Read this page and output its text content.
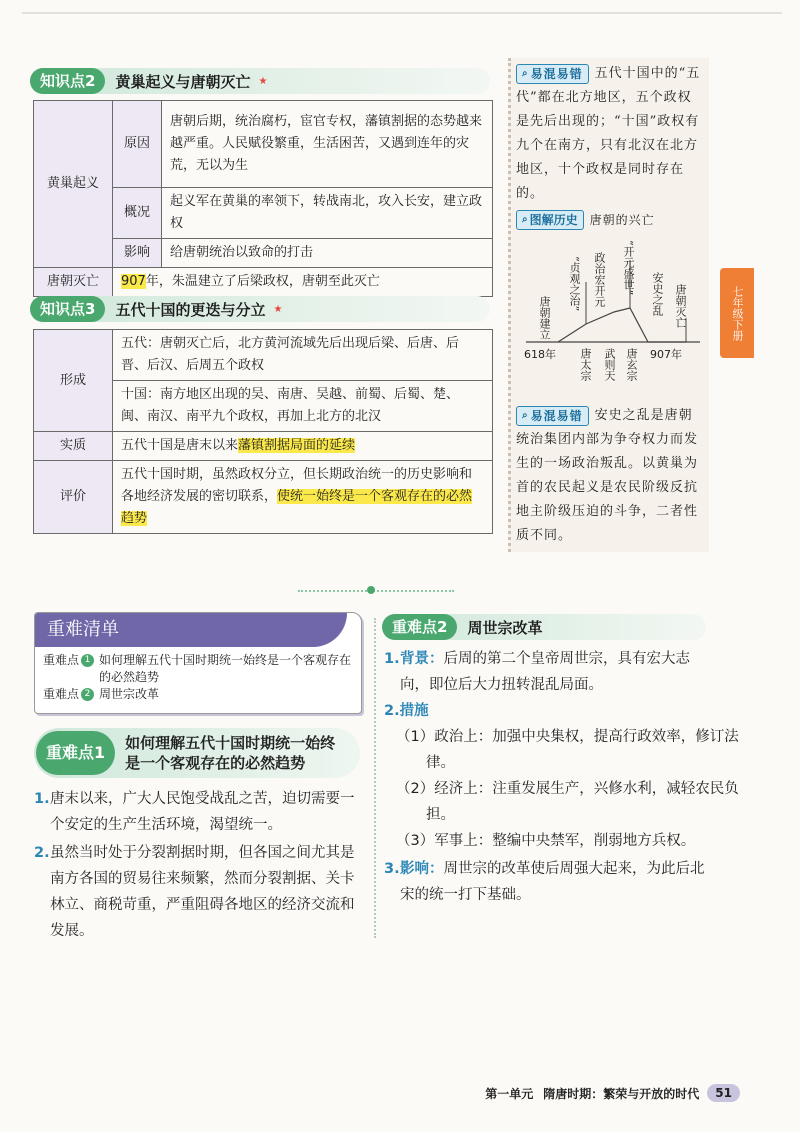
知识点2	黄巢起义与唐朝灭亡 ★
黄巢起义	原因	唐朝后期，统治腐朽，宦官专权，藩镇割据的态势越来越严重。人民赋役繁重，生活困苦，又遇到连年的灾荒，无以为生
	概况	起义军在黄巢的率领下，转战南北，攻入长安，建立政权
	影响	给唐朝统治以致命的打击
唐朝灭亡	907年，朱温建立了后梁政权，唐朝至此灭亡	
知识点3	五代十国的更迭与分立 ★
形成	五代：唐朝灭亡后，北方黄河流域先后出现后梁、后唐、后晋、后汉、后周五个政权
	十国：南方地区出现的吴、南唐、吴越、前蜀、后蜀、楚、闽、南汉、南平九个政权，再加上北方的北汉
实质	五代十国是唐末以来藩镇割据局面的延续
评价	五代十国时期，虽然政权分立，但长期政治统一的历史影响和各地经济发展的密切联系，使统一始终是一个客观存在的必然趋势
⌕ 易混易错 五代十国中的“五代”都在北方地区，五个政权是先后出现的；“十国”政权有九个在南方，只有北汉在北方地区，十个政权是同时存在的。
⌕ 图解历史 唐朝的兴亡
唐朝建立
618年
“贞观之治” 政治宏开元 “开元盛世” 安史之乱 唐朝灭亡
907年
唐太宗 武则天 唐玄宗
⌕ 易混易错 安史之乱是唐朝统治集团内部为争夺权力而发生的一场政治叛乱。以黄巢为首的农民起义是农民阶级反抗地主阶级压迫的斗争，二者性质不同。
七年级下册
重难清单
重难点 1 如何理解五代十国时期统一始终是一个客观存在的必然趋势
重难点 2 周世宗改革
重难点1	如何理解五代十国时期统一始终
是一个客观存在的必然趋势
1. 唐末以来，广大人民饱受战乱之苦，迫切需要一个安定的生产生活环境，渴望统一。
2. 虽然当时处于分裂割据时期，但各国之间尤其是南方各国的贸易往来频繁，然而分裂割据、关卡林立、商税苛重，严重阻碍各地区的经济交流和发展。
重难点2	周世宗改革
1. 背景：后周的第二个皇帝周世宗，具有宏大志向，即位后大力扭转混乱局面。
2.措施
（1）政治上：加强中央集权，提高行政效率，修订法律。
（2）经济上：注重发展生产，兴修水利，减轻农民负担。
（3）军事上：整编中央禁军，削弱地方兵权。
3. 影响：周世宗的改革使后周强大起来，为此后北宋的统一打下基础。
第一单元 隋唐时期：繁荣与开放的时代	51
